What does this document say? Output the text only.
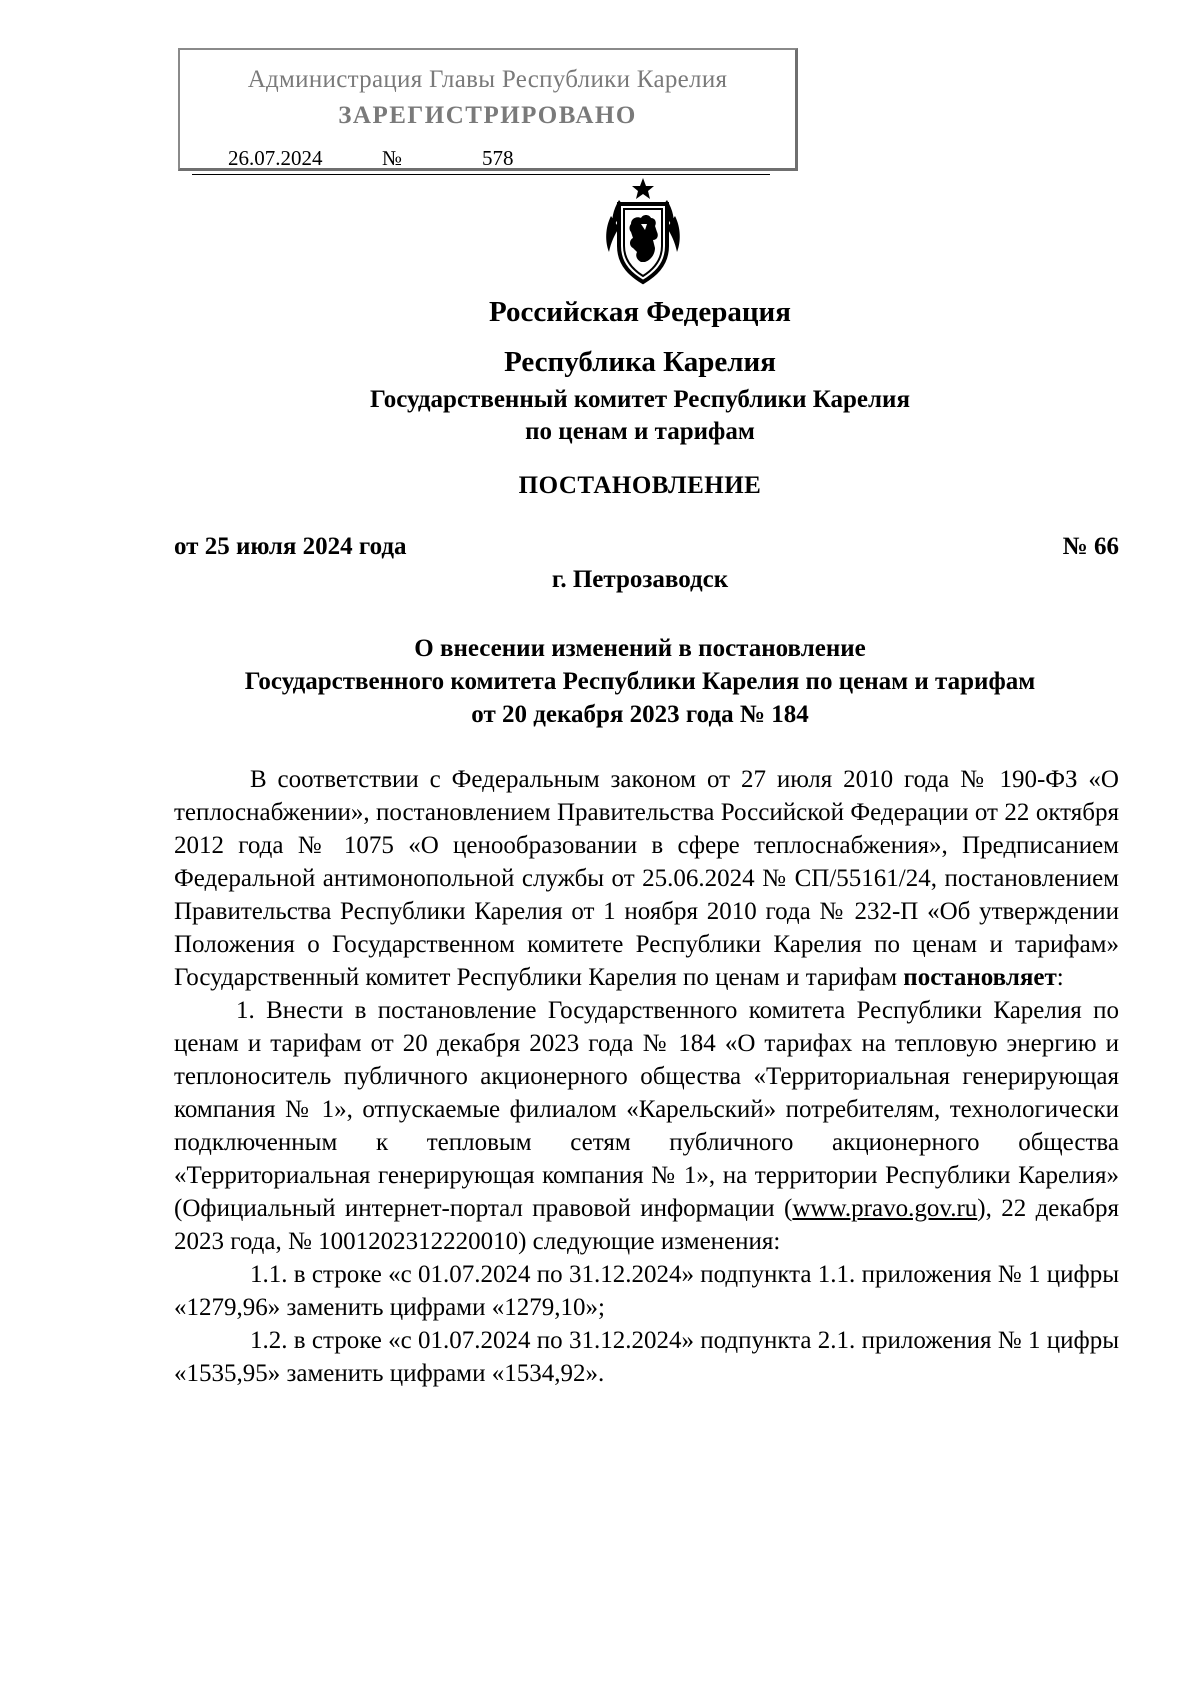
Администрация Главы Республики Карелия
ЗАРЕГИСТРИРОВАНО
26.07.2024	№	578
Российская Федерация
Республика Карелия
Государственный комитет Республики Карелия
по ценам и тарифам
ПОСТАНОВЛЕНИЕ
от 25 июля 2024 года	№ 66
г. Петрозаводск
О внесении изменений в постановление
Государственного комитета Республики Карелия по ценам и тарифам
от 20 декабря 2023 года № 184

В соответствии с Федеральным законом от 27 июля 2010 года № 190-ФЗ «О теплоснабжении», постановлением Правительства Российской Федерации от 22 октября 2012 года № 1075 «О ценообразовании в сфере теплоснабжения», Предписанием Федеральной антимонопольной службы от 25.06.2024 № СП/55161/24, постановлением Правительства Республики Карелия от 1 ноября 2010 года № 232-П «Об утверждении Положения о Государственном комитете Республики Карелия по ценам и тарифам» Государственный комитет Республики Карелия по ценам и тарифам постановляет:

1. Внести в постановление Государственного комитета Республики Карелия по ценам и тарифам от 20 декабря 2023 года № 184 «О тарифах на тепловую энергию и теплоноситель публичного акционерного общества «Территориальная генерирующая компания № 1», отпускаемые филиалом «Карельский» потребителям, технологически подключенным к тепловым сетям публичного акционерного общества «Территориальная генерирующая компания № 1», на территории Республики Карелия» (Официальный интернет-портал правовой информации (www.pravo.gov.ru), 22 декабря 2023 года, № 1001202312220010) следующие изменения:

1.1. в строке «с 01.07.2024 по 31.12.2024» подпункта 1.1. приложения № 1 цифры «1279,96» заменить цифрами «1279,10»;

1.2. в строке «с 01.07.2024 по 31.12.2024» подпункта 2.1. приложения № 1 цифры «1535,95» заменить цифрами «1534,92».
